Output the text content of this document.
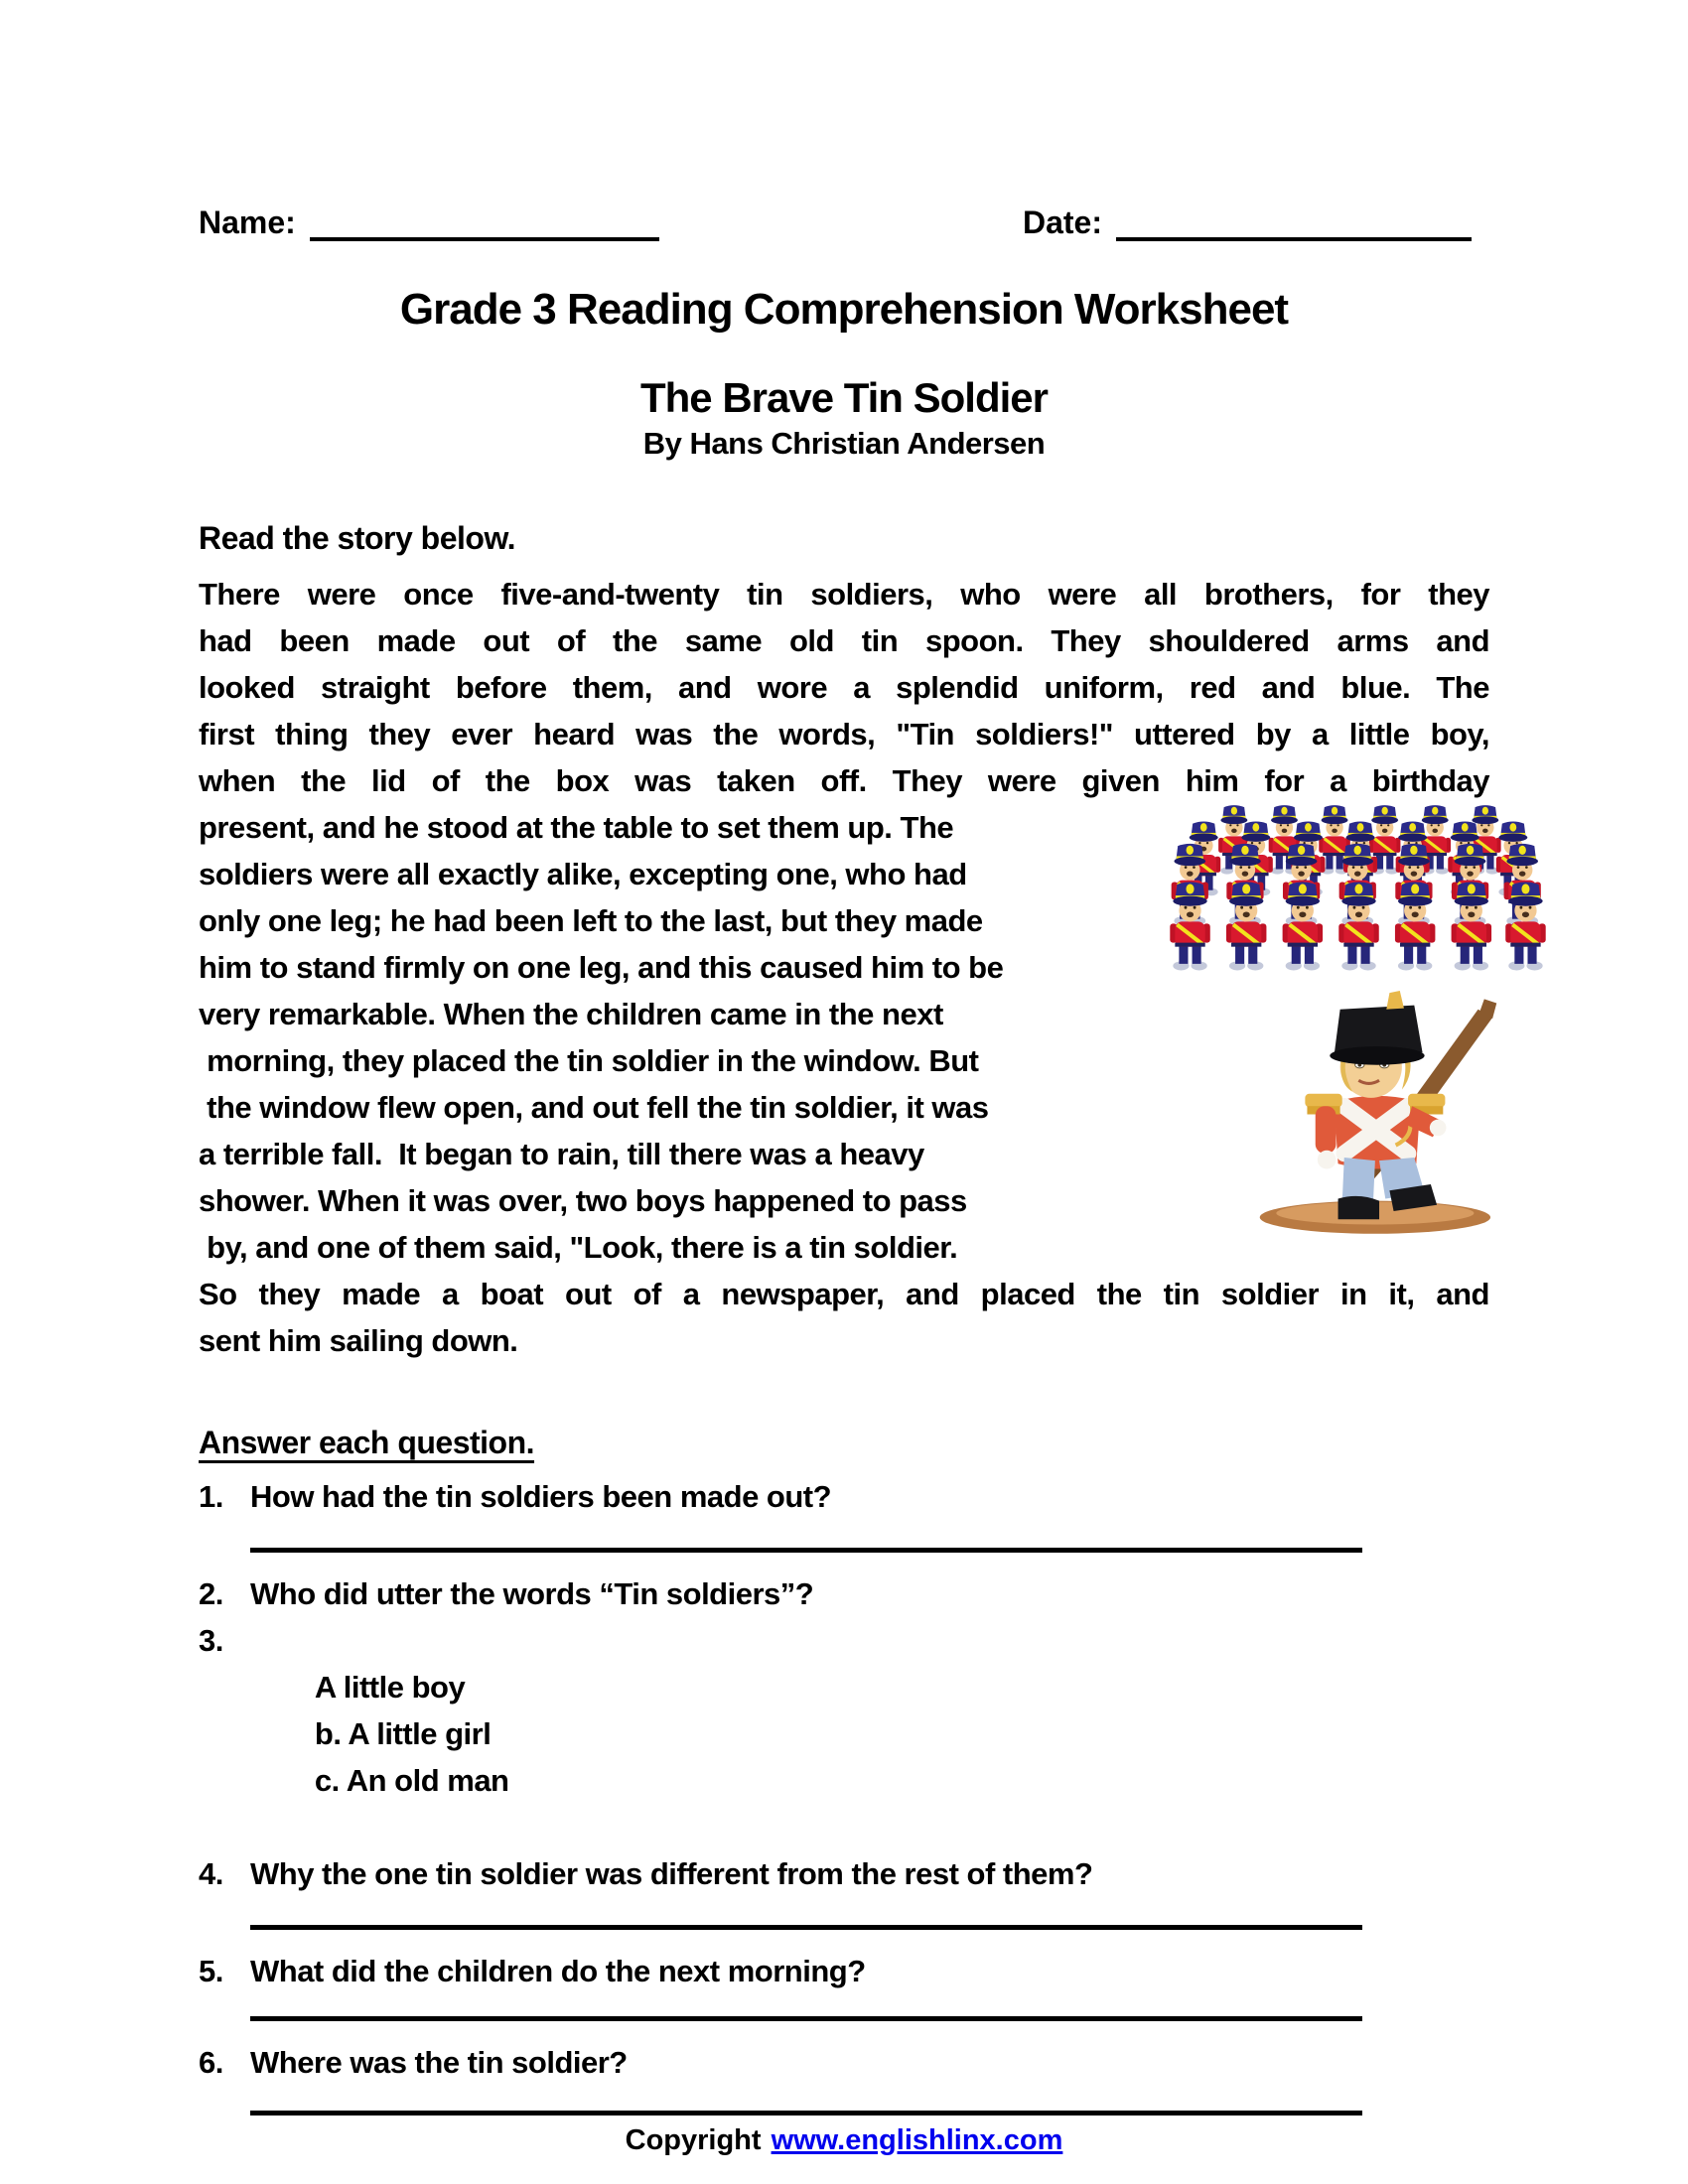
Name:	Date:
Grade 3 Reading Comprehension Worksheet
The Brave Tin Soldier
By Hans Christian Andersen
Read the story below.
There were once five-and-twenty tin soldiers, who were all brothers, for they
had been made out of the same old tin spoon. They shouldered arms and
looked straight before them, and wore a splendid uniform, red and blue. The
first thing they ever heard was the words, "Tin soldiers!" uttered by a little boy,
when the lid of the box was taken off. They were given him for a birthday
present, and he stood at the table to set them up. The
soldiers were all exactly alike, excepting one, who had
only one leg; he had been left to the last, but they made
him to stand firmly on one leg, and this caused him to be
very remarkable. When the children came in the next
morning, they placed the tin soldier in the window. But
the window flew open, and out fell the tin soldier, it was
a terrible fall.  It began to rain, till there was a heavy
shower. When it was over, two boys happened to pass
by, and one of them said, "Look, there is a tin soldier.
So they made a boat out of a newspaper, and placed the tin soldier in it, and
sent him sailing down.
Answer each question.
1. How had the tin soldiers been made out?
2. Who did utter the words “Tin soldiers”?
3.

A little boy
b. A little girl
c. An old man

4. Why the one tin soldier was different from the rest of them?
5. What did the children do the next morning?
6. Where was the tin soldier?
Copyright www.englishlinx.com
